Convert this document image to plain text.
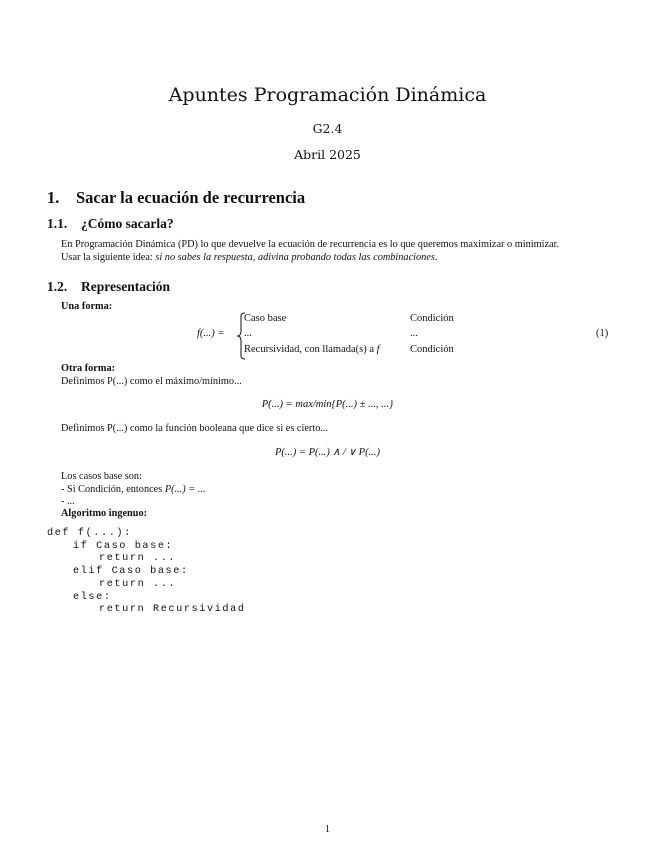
Apuntes Programación Dinámica
G2.4
Abril 2025
1. Sacar la ecuación de recurrencia
1.1. ¿Cómo sacarla?
En Programación Dinámica (PD) lo que devuelve la ecuación de recurrencia es lo que queremos maximizar o minimizar.
Usar la siguiente idea: si no sabes la respuesta, adivina probando todas las combinaciones.
1.2. Representación
Una forma:
f(...) =
Caso base	Condición
...	...
Recursividad, con llamada(s) a f	Condición
(1)
Otra forma:
Definimos P(...) como el máximo/mínimo...
P(...) = max/min{P(...) ± ..., ...}
Definimos P(...) como la función booleana que dice si es cierto...
P(...) = P(...) ∧ / ∨ P(...)
Los casos base son:
- Si Condición, entonces P(...) = ...
- ...
Algoritmo ingenuo:
def f(...):
if Caso base:
return ...
elif Caso base:
return ...
else:
return Recursividad
1
